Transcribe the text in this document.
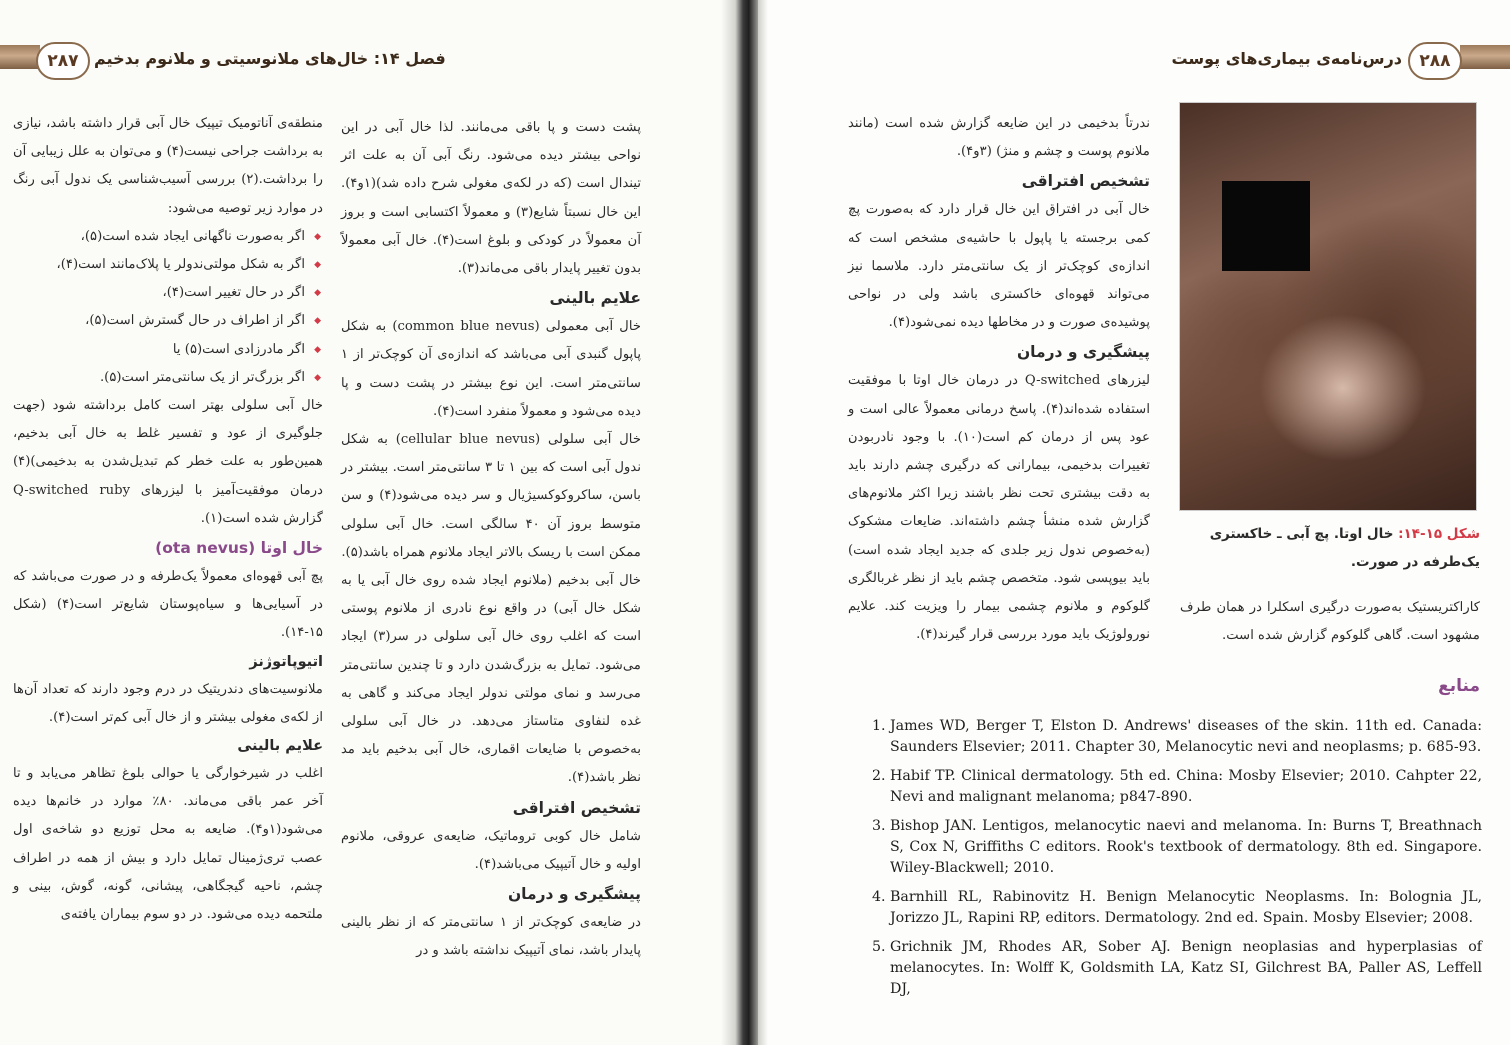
۲۸۷ فصل ۱۴: خال‌های ملانوسیتی و ملانوم بدخیم

پشت دست و پا باقی می‌مانند. لذا خال آبی در این نواحی بیشتر دیده می‌شود. رنگ آبی آن به علت اثر تیندال است (که در لکه‌ی مغولی شرح داده شد)(۱و۴). این خال نسبتاً شایع(۳) و معمولاً اکتسابی است و بروز آن معمولاً در کودکی و بلوغ است(۴). خال آبی معمولاً بدون تغییر پایدار باقی می‌ماند(۳).

علایم بالینی

خال آبی معمولی (common blue nevus) به شکل پاپول گنبدی آبی می‌باشد که اندازه‌ی آن کوچک‌تر از ۱ سانتی‌متر است. این نوع بیشتر در پشت دست و پا دیده می‌شود و معمولاً منفرد است(۴).

خال آبی سلولی (cellular blue nevus) به شکل ندول آبی است که بین ۱ تا ۳ سانتی‌متر است. بیشتر در باسن، ساکروکوکسیژیال و سر دیده می‌شود(۴) و سن متوسط بروز آن ۴۰ سالگی است. خال آبی سلولی ممکن است با ریسک بالاتر ایجاد ملانوم همراه باشد(۵).

خال آبی بدخیم (ملانوم ایجاد شده روی خال آبی یا به شکل خال آبی) در واقع نوع نادری از ملانوم پوستی است که اغلب روی خال آبی سلولی در سر(۳) ایجاد می‌شود. تمایل به بزرگ‌شدن دارد و تا چندین سانتی‌متر می‌رسد و نمای مولتی ندولر ایجاد می‌کند و گاهی به غده لنفاوی متاستاز می‌دهد. در خال آبی سلولی به‌خصوص با ضایعات اقماری، خال آبی بدخیم باید مد نظر باشد(۴).

تشخیص افتراقی

شامل خال کوبی تروماتیک، ضایعه‌ی عروقی، ملانوم اولیه و خال آتیپیک می‌باشد(۴).

پیشگیری و درمان

در ضایعه‌ی کوچک‌تر از ۱ سانتی‌متر که از نظر بالینی پایدار باشد، نمای آتیپیک نداشته باشد و در

منطقه‌ی آناتومیک تیپیک خال آبی قرار داشته باشد، نیازی به برداشت جراحی نیست(۴) و می‌توان به علل زیبایی آن را برداشت.(۲) بررسی آسیب‌شناسی یک ندول آبی رنگ در موارد زیر توصیه می‌شود:

◆ اگر به‌صورت ناگهانی ایجاد شده است(۵)،
◆ اگر به شکل مولتی‌ندولر یا پلاک‌مانند است(۴)،
◆ اگر در حال تغییر است(۴)،
◆ اگر از اطراف در حال گسترش است(۵)،
◆ اگر مادرزادی است(۵) یا
◆ اگر بزرگ‌تر از یک سانتی‌متر است(۵).

خال آبی سلولی بهتر است کامل برداشته شود (جهت جلوگیری از عود و تفسیر غلط به خال آبی بدخیم، همین‌طور به علت خطر کم تبدیل‌شدن به بدخیمی)(۴) درمان موفقیت‌آمیز با لیزرهای Q-switched ruby گزارش شده است(۱).

خال اوتا (ota nevus)

پچ آبی قهوه‌ای معمولاً یک‌طرفه و در صورت می‌باشد که در آسیایی‌ها و سیاه‌پوستان شایع‌تر است(۴) (شکل ۱۵-۱۴).

اتیوپاتوژنز

ملانوسیت‌های دندریتیک در درم وجود دارند که تعداد آن‌ها از لکه‌ی مغولی بیشتر و از خال آبی کم‌تر است(۴).

علایم بالینی

اغلب در شیرخوارگی یا حوالی بلوغ تظاهر می‌یابد و تا آخر عمر باقی می‌ماند. ۸۰٪ موارد در خانم‌ها دیده می‌شود(۱و۴). ضایعه به محل توزیع دو شاخه‌ی اول عصب تری‌ژمینال تمایل دارد و بیش از همه در اطراف چشم، ناحیه گیجگاهی، پیشانی، گونه، گوش، بینی و ملتحمه دیده می‌شود. در دو سوم بیماران یافته‌ی

۲۸۸
درس‌نامه‌ی بیماری‌های پوست

ندرتاً بدخیمی در این ضایعه گزارش شده است (مانند ملانوم پوست و چشم و منژ) (۳و۴).

تشخیص افتراقی

خال آبی در افتراق این خال قرار دارد که به‌صورت پچ کمی برجسته یا پاپول با حاشیه‌ی مشخص است که اندازه‌ی کوچک‌تر از یک سانتی‌متر دارد. ملاسما نیز می‌تواند قهوه‌ای خاکستری باشد ولی در نواحی پوشیده‌ی صورت و در مخاطها دیده نمی‌شود(۴).

پیشگیری و درمان

لیزرهای Q-switched در درمان خال اوتا با موفقیت استفاده شده‌اند(۴). پاسخ درمانی معمولاً عالی است و عود پس از درمان کم است(۱۰). با وجود نادربودن تغییرات بدخیمی، بیمارانی که درگیری چشم دارند باید به دقت بیشتری تحت نظر باشند زیرا اکثر ملانوم‌های گزارش شده منشأ چشم داشته‌اند. ضایعات مشکوک (به‌خصوص ندول زیر جلدی که جدید ایجاد شده است) باید بیوپسی شود. متخصص چشم باید از نظر غربالگری گلوکوم و ملانوم چشمی بیمار را ویزیت کند. علایم نورولوژیک باید مورد بررسی قرار گیرند(۴).

شکل ۱۵-۱۴: خال اوتا. پچ آبی ـ خاکستری یک‌طرفه در صورت.

کاراکتریستیک به‌صورت درگیری اسکلرا در همان طرف مشهود است. گاهی گلوکوم گزارش شده است.

منابع
1. James WD, Berger T, Elston D. Andrews' diseases of the skin. 11th ed. Canada: Saunders Elsevier; 2011. Chapter 30, Melanocytic nevi and neoplasms; p. 685-93.
2. Habif TP. Clinical dermatology. 5th ed. China: Mosby Elsevier; 2010. Cahpter 22, Nevi and malignant melanoma; p847-890.
3. Bishop JAN. Lentigos, melanocytic naevi and melanoma. In: Burns T, Breathnach S, Cox N, Griffiths C editors. Rook's textbook of dermatology. 8th ed. Singapore. Wiley-Blackwell; 2010.
4. Barnhill RL, Rabinovitz H. Benign Melanocytic Neoplasms. In: Bolognia JL, Jorizzo JL, Rapini RP, editors. Dermatology. 2nd ed. Spain. Mosby Elsevier; 2008.
5. Grichnik JM, Rhodes AR, Sober AJ. Benign neoplasias and hyperplasias of melanocytes. In: Wolff K, Goldsmith LA, Katz SI, Gilchrest BA, Paller AS, Leffell DJ,
